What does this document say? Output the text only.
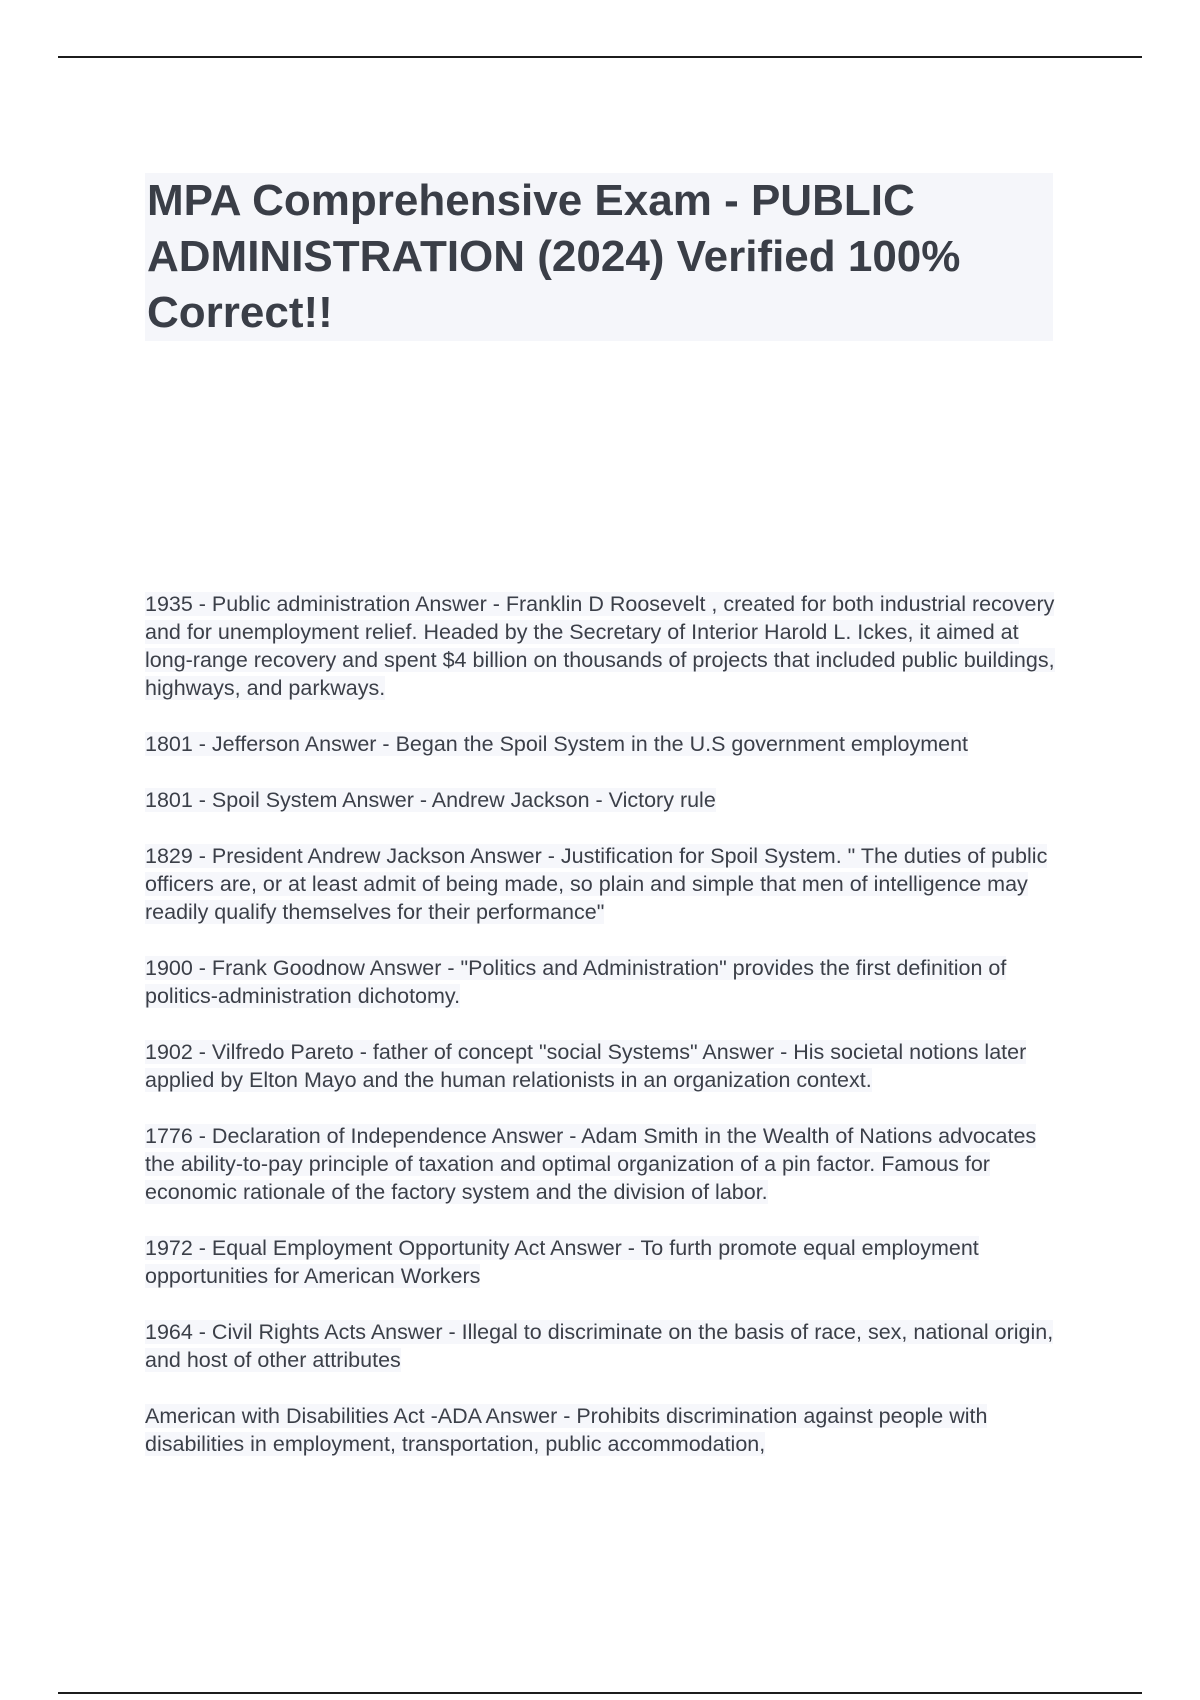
MPA Comprehensive Exam - PUBLIC ADMINISTRATION (2024) Verified 100% Correct!!

1935 - Public administration Answer - Franklin D Roosevelt , created for both industrial recovery and for unemployment relief. Headed by the Secretary of Interior Harold L. Ickes, it aimed at long-range recovery and spent $4 billion on thousands of projects that included public buildings, highways, and parkways.

1801 - Jefferson Answer - Began the Spoil System in the U.S government employment

1801 - Spoil System Answer - Andrew Jackson - Victory rule

1829 - President Andrew Jackson Answer - Justification for Spoil System. " The duties of public officers are, or at least admit of being made, so plain and simple that men of intelligence may readily qualify themselves for their performance"

1900 - Frank Goodnow Answer - "Politics and Administration" provides the first definition of politics-administration dichotomy.

1902 - Vilfredo Pareto - father of concept "social Systems" Answer - His societal notions later applied by Elton Mayo and the human relationists in an organization context.

1776 - Declaration of Independence Answer - Adam Smith in the Wealth of Nations advocates the ability-to-pay principle of taxation and optimal organization of a pin factor. Famous for economic rationale of the factory system and the division of labor.

1972 - Equal Employment Opportunity Act Answer - To furth promote equal employment opportunities for American Workers

1964 - Civil Rights Acts Answer - Illegal to discriminate on the basis of race, sex, national origin, and host of other attributes

American with Disabilities Act -ADA Answer - Prohibits discrimination against people with disabilities in employment, transportation, public accommodation,
